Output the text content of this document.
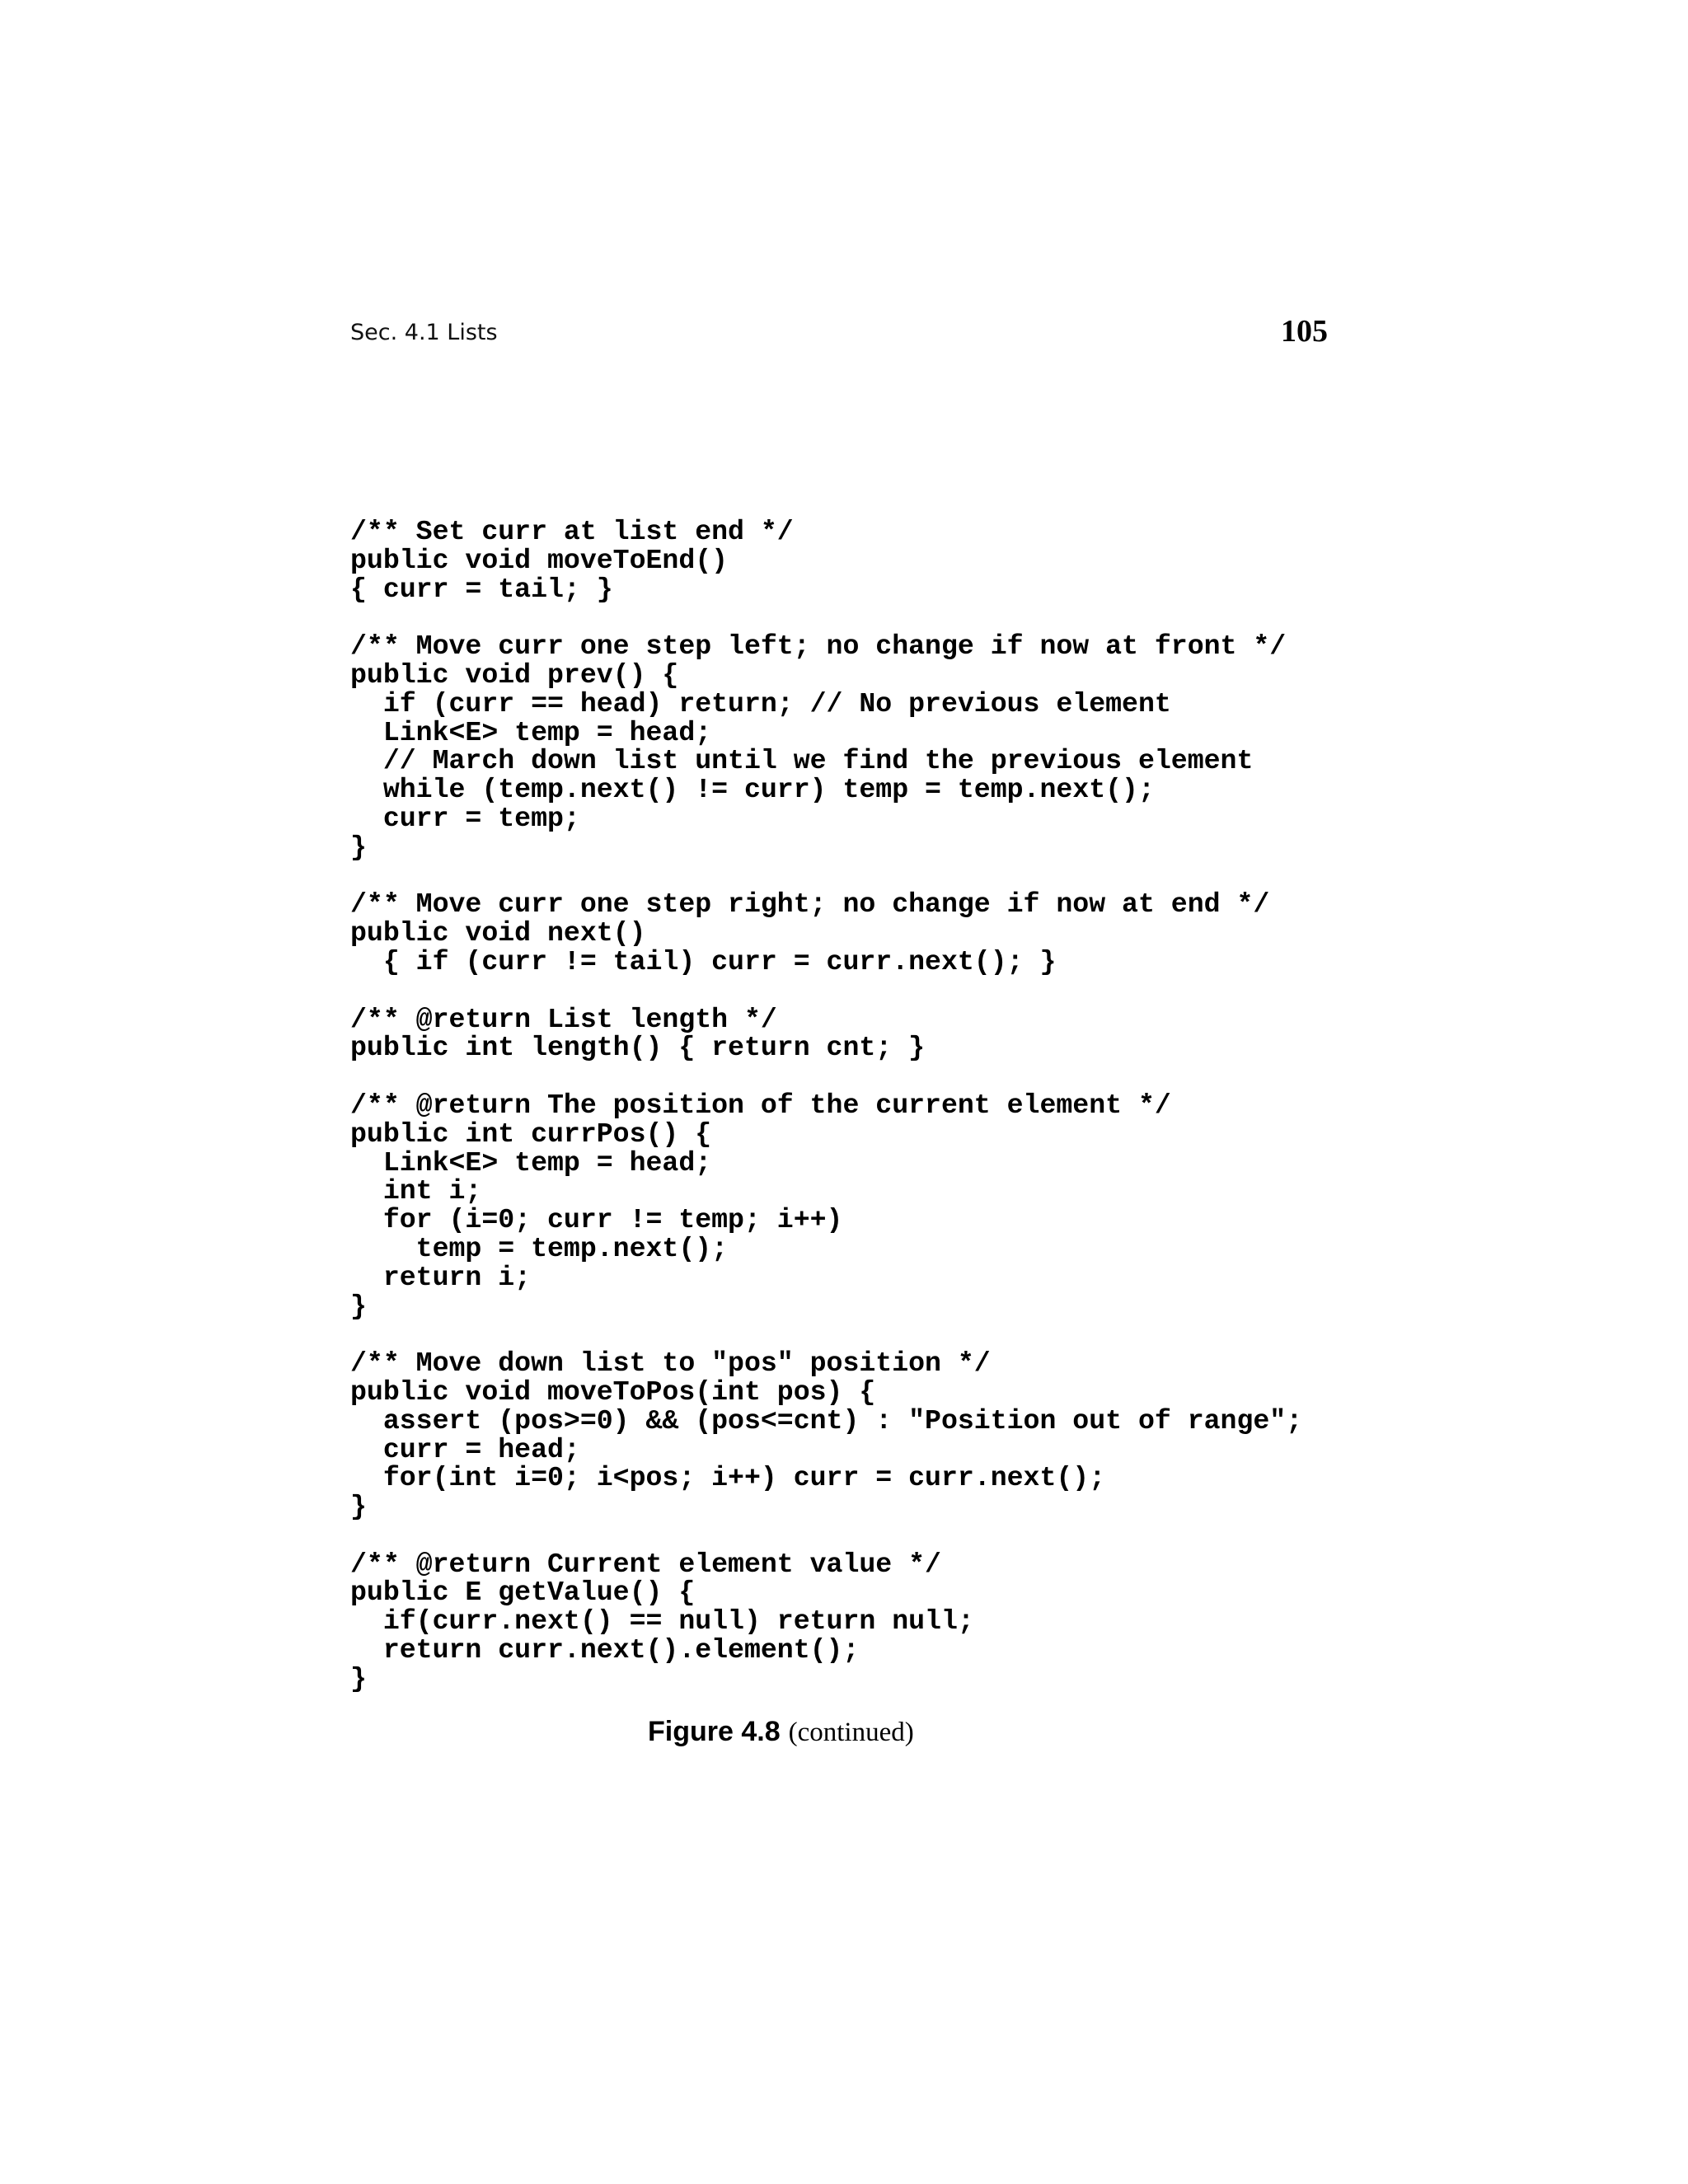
Sec. 4.1 Lists	105
/** Set curr at list end */
public void moveToEnd()
{ curr = tail; }
/** Move curr one step left; no change if now at front */
public void prev() {
if (curr == head) return; // No previous element
Link<E> temp = head;
// March down list until we find the previous element
while (temp.next() != curr) temp = temp.next();
curr = temp;
}
/** Move curr one step right; no change if now at end */
public void next()
{ if (curr != tail) curr = curr.next(); }
/** @return List length */
public int length() { return cnt; }
/** @return The position of the current element */
public int currPos() {
Link<E> temp = head;
int i;
for (i=0; curr != temp; i++)
temp = temp.next();
return i;
}
/** Move down list to "pos" position */
public void moveToPos(int pos) {
assert (pos>=0) && (pos<=cnt) : "Position out of range";
curr = head;
for(int i=0; i<pos; i++) curr = curr.next();
}
/** @return Current element value */
public E getValue() {
if(curr.next() == null) return null;
return curr.next().element();
}
Figure 4.8 (continued)
